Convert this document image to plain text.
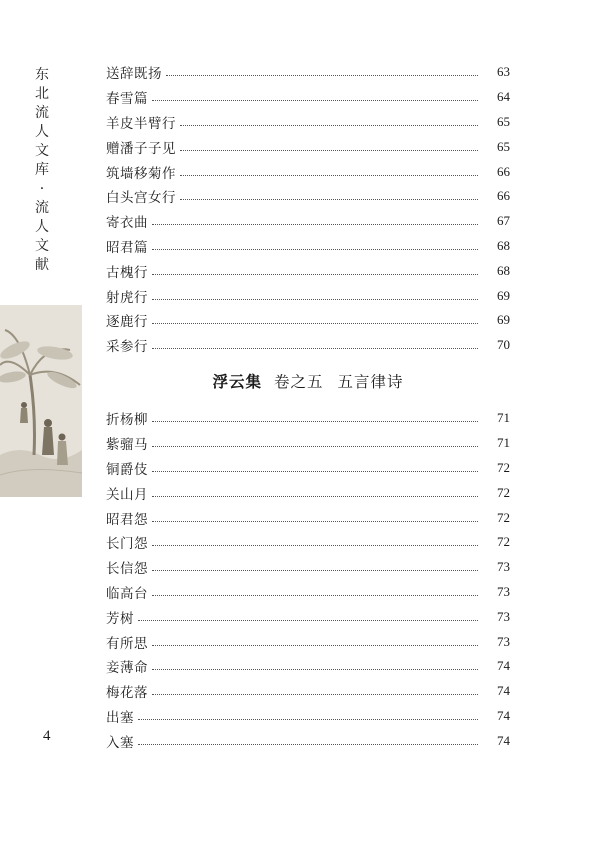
东
北
流
人
文
库
·
流
人
文
献
送辞既扬	63
春雪篇	64
羊皮半臂行	65
赠潘子子见	65
筑墙移菊作	66
白头宫女行	66
寄衣曲	67
昭君篇	68
古槐行	68
射虎行	69
逐鹿行	69
采参行	70
浮云集 卷之五 五言律诗
折杨柳	71
紫骝马	71
铜爵伎	72
关山月	72
昭君怨	72
长门怨	72
长信怨	73
临高台	73
芳树	73
有所思	73
妾薄命	74
梅花落	74
出塞	74
入塞	74
4
